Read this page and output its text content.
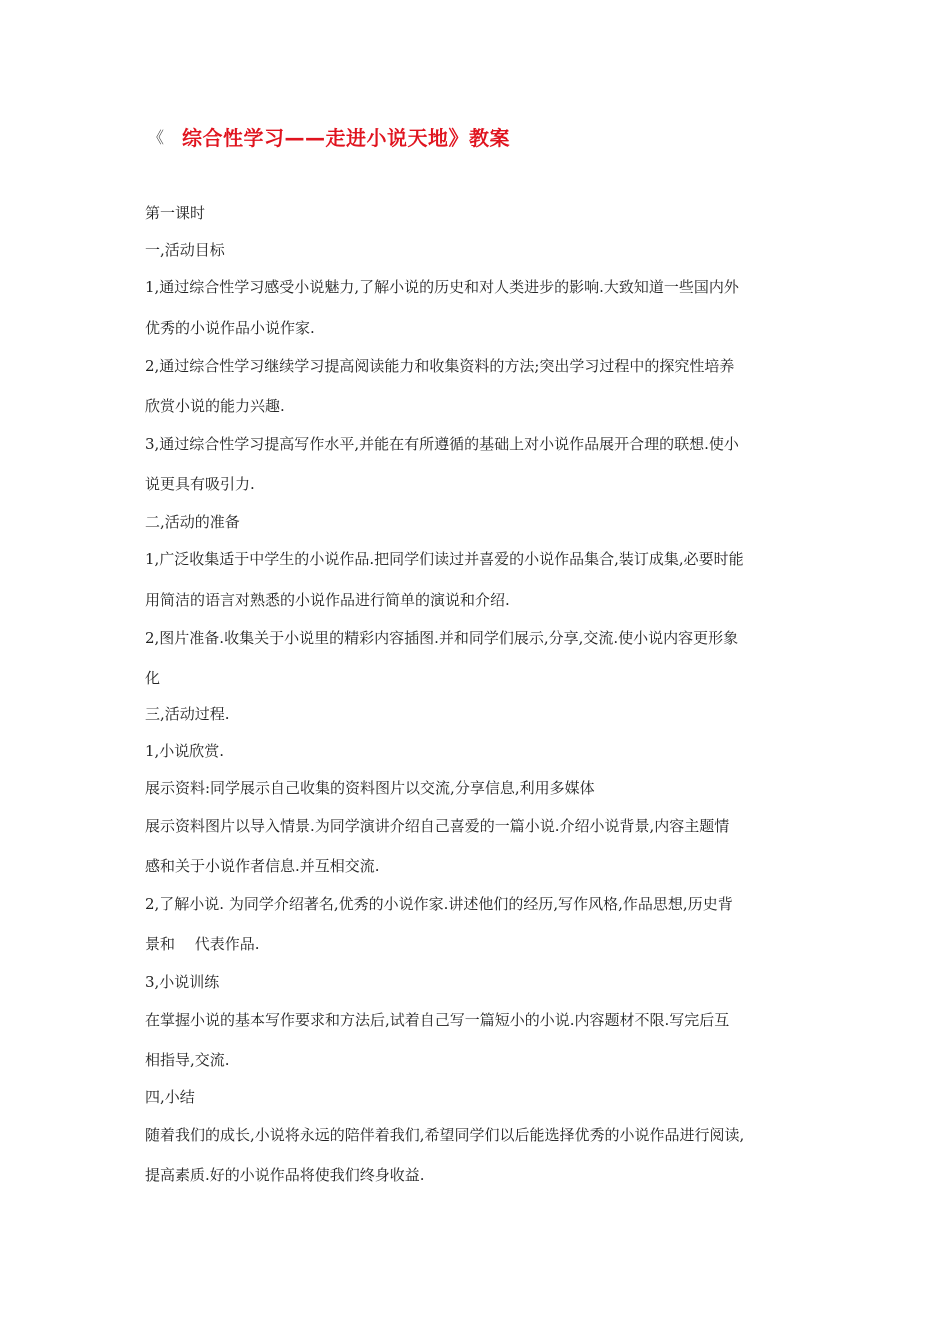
《 综合性学习——走进小说天地》教案
第一课时
一,活动目标
1,通过综合性学习感受小说魅力,了解小说的历史和对人类进步的影响.大致知道一些国内外
优秀的小说作品小说作家.
2,通过综合性学习继续学习提高阅读能力和收集资料的方法;突出学习过程中的探究性培养
欣赏小说的能力兴趣.
3,通过综合性学习提高写作水平,并能在有所遵循的基础上对小说作品展开合理的联想.使小
说更具有吸引力.
二,活动的准备
1,广泛收集适于中学生的小说作品.把同学们读过并喜爱的小说作品集合,装订成集,必要时能
用简洁的语言对熟悉的小说作品进行简单的演说和介绍.
2,图片准备.收集关于小说里的精彩内容插图.并和同学们展示,分享,交流.使小说内容更形象
化
三,活动过程.
1,小说欣赏.
展示资料:同学展示自己收集的资料图片以交流,分享信息,利用多媒体
展示资料图片以导入情景.为同学演讲介绍自己喜爱的一篇小说.介绍小说背景,内容主题情
感和关于小说作者信息.并互相交流.
2,了解小说. 为同学介绍著名,优秀的小说作家.讲述他们的经历,写作风格,作品思想,历史背
景和　 代表作品.
3,小说训练
在掌握小说的基本写作要求和方法后,试着自己写一篇短小的小说.内容题材不限.写完后互
相指导,交流.
四,小结
随着我们的成长,小说将永远的陪伴着我们,希望同学们以后能选择优秀的小说作品进行阅读,
提高素质.好的小说作品将使我们终身收益.
